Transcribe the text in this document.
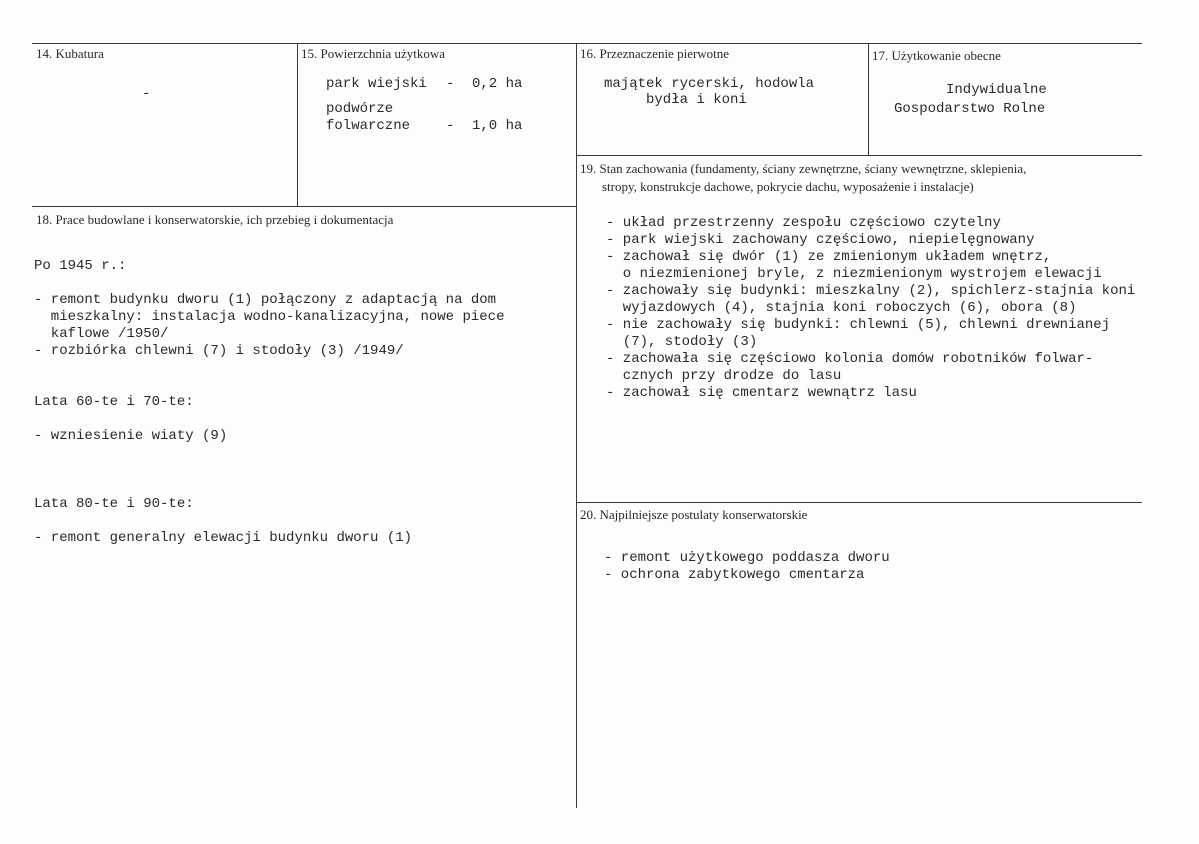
14. Kubatura
-
15. Powierzchnia użytkowa
park wiejski - 0,2 ha
podwórze
folwarczne	- 1,0 ha
16. Przeznaczenie pierwotne
majątek rycerski, hodowla
bydła i koni
17. Użytkowanie obecne
Indywidualne
Gospodarstwo Rolne
19. Stan zachowania (fundamenty, ściany zewnętrzne, ściany wewnętrzne, sklepienia,
stropy, konstrukcje dachowe, pokrycie dachu, wyposażenie i instalacje)
- układ przestrzenny zespołu częściowo czytelny
- park wiejski zachowany częściowo, niepielęgnowany
- zachował się dwór (1) ze zmienionym układem wnętrz,
o niezmienionej bryle, z niezmienionym wystrojem elewacji
- zachowały się budynki: mieszkalny (2), spichlerz-stajnia koni
wyjazdowych (4), stajnia koni roboczych (6), obora (8)
- nie zachowały się budynki: chlewni (5), chlewni drewnianej
(7), stodoły (3)
- zachowała się częściowo kolonia domów robotników folwar-
cznych przy drodze do lasu
- zachował się cmentarz wewnątrz lasu
18. Prace budowlane i konserwatorskie, ich przebieg i dokumentacja
Po 1945 r.:
- remont budynku dworu (1) połączony z adaptacją na dom
mieszkalny: instalacja wodno-kanalizacyjna, nowe piece
kaflowe /1950/
- rozbiórka chlewni (7) i stodoły (3) /1949/
Lata 60-te i 70-te:
- wzniesienie wiaty (9)
Lata 80-te i 90-te:
- remont generalny elewacji budynku dworu (1)
20. Najpilniejsze postulaty konserwatorskie
- remont użytkowego poddasza dworu
- ochrona zabytkowego cmentarza
